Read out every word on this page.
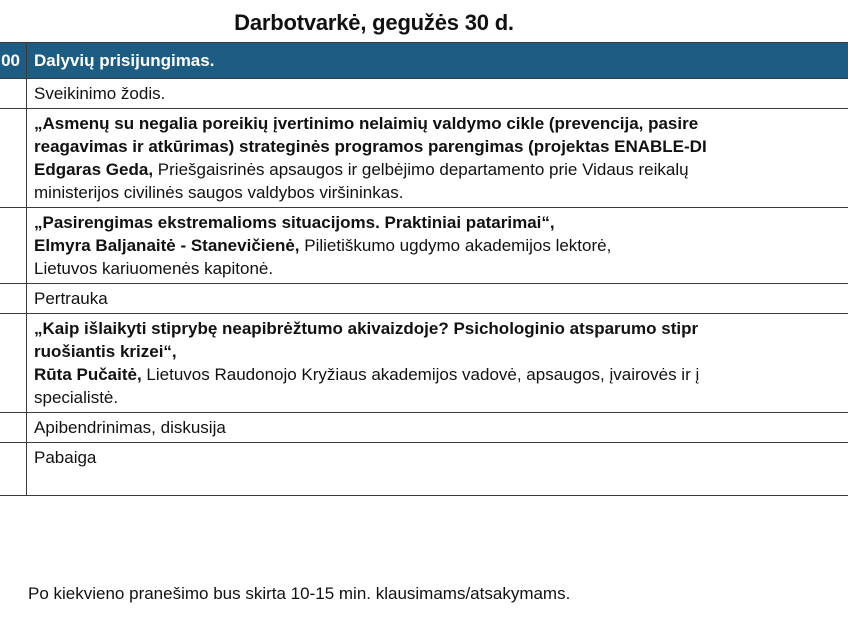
Darbotvarkė, gegužės 30 d.
00	Dalyvių prisijungimas.
	Sveikinimo žodis.

	„Asmenų su negalia poreikių įvertinimo nelaimių valdymo cikle (prevencija, pasire
reagavimas ir atkūrimas) strateginės programos parengimas (projektas ENABLE-DI
Edgaras Geda, Priešgaisrinės apsaugos ir gelbėjimo departamento prie Vidaus reikalų
ministerijos civilinės saugos valdybos viršininkas.

	„Pasirengimas ekstremalioms situacijoms. Praktiniai patarimai“,
Elmyra Baljanaitė - Stanevičienė, Pilietiškumo ugdymo akademijos lektorė,
Lietuvos kariuomenės kapitonė.

	Pertrauka

	„Kaip išlaikyti stiprybę neapibrėžtumo akivaizdoje? Psichologinio atsparumo stipr
ruošiantis krizei“,
Rūta Pučaitė, Lietuvos Raudonojo Kryžiaus akademijos vadovė, apsaugos, įvairovės ir į
specialistė.

	Apibendrinimas, diskusija
	Pabaiga
Po kiekvieno pranešimo bus skirta 10-15 min. klausimams/atsakymams.
